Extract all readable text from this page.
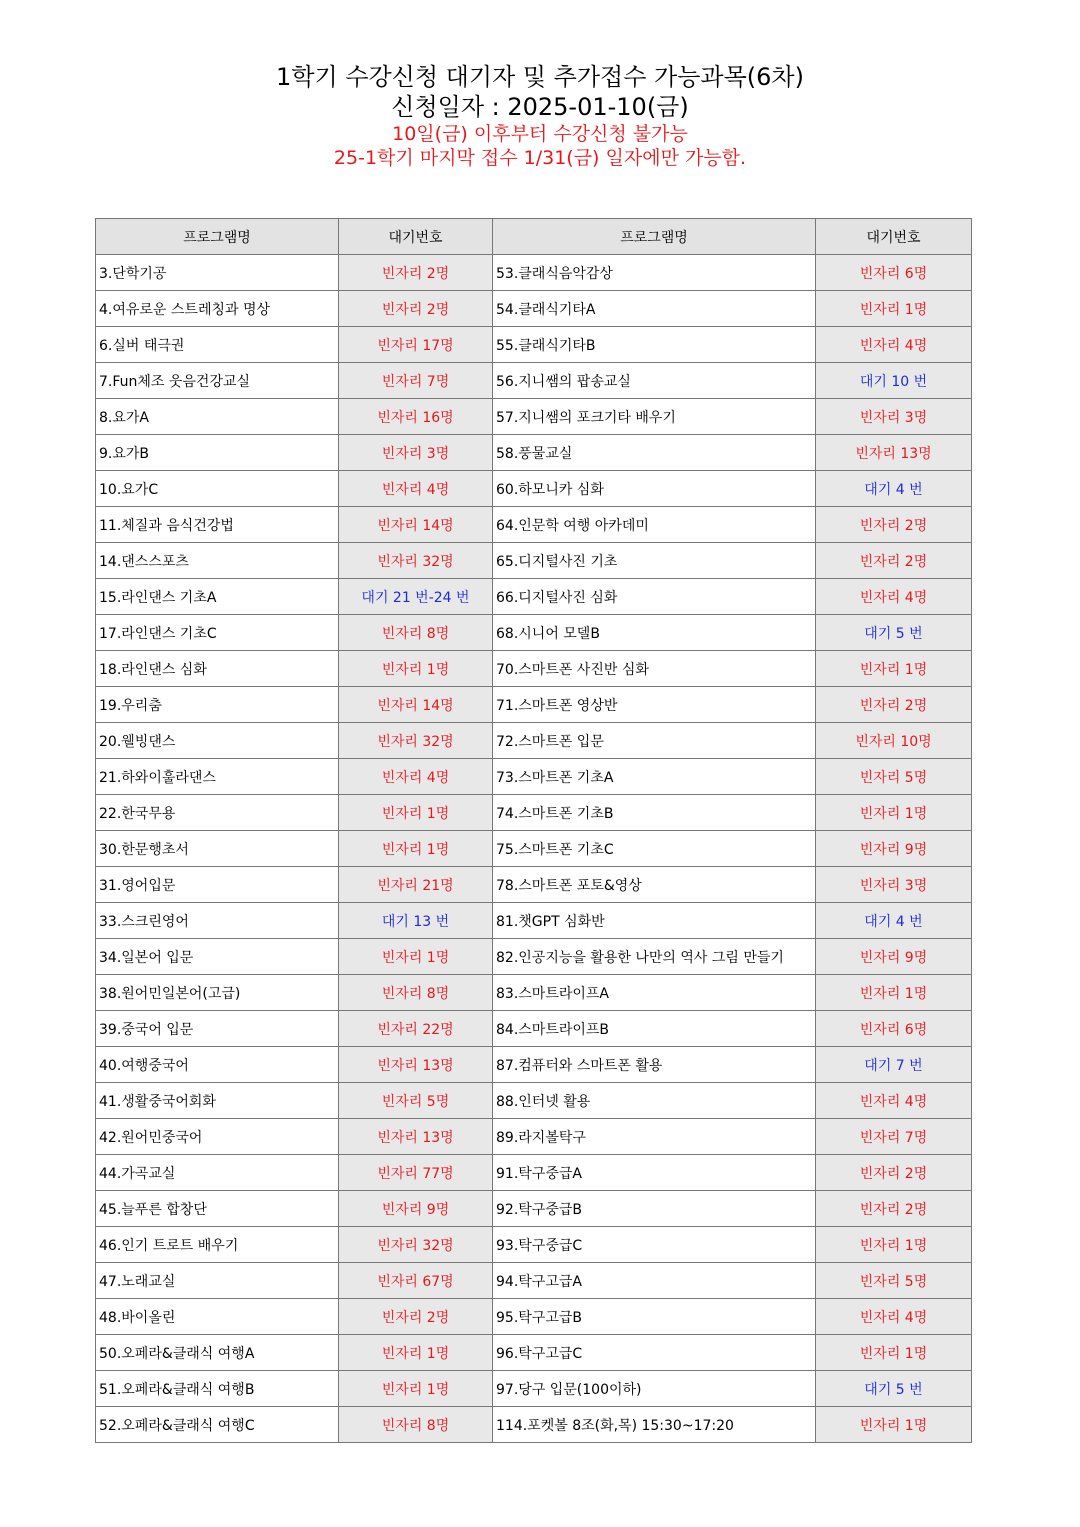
1학기 수강신청 대기자 및 추가접수 가능과목(6차)

신청일자 : 2025-01-10(금)

10일(금) 이후부터 수강신청 불가능

25-1학기 마지막 접수 1/31(금) 일자에만 가능함.

프로그램명	대기번호	프로그램명	대기번호
3.단학기공	빈자리 2명	53.클래식음악감상	빈자리 6명
4.여유로운 스트레칭과 명상	빈자리 2명	54.클래식기타A	빈자리 1명
6.실버 태극권	빈자리 17명	55.클래식기타B	빈자리 4명
7.Fun체조 웃음건강교실	빈자리 7명	56.지니쌤의 팝송교실	대기 10 번
8.요가A	빈자리 16명	57.지니쌤의 포크기타 배우기	빈자리 3명
9.요가B	빈자리 3명	58.풍물교실	빈자리 13명
10.요가C	빈자리 4명	60.하모니카 심화	대기 4 번
11.체질과 음식건강법	빈자리 14명	64.인문학 여행 아카데미	빈자리 2명
14.댄스스포츠	빈자리 32명	65.디지털사진 기초	빈자리 2명
15.라인댄스 기초A	대기 21 번-24 번	66.디지털사진 심화	빈자리 4명
17.라인댄스 기초C	빈자리 8명	68.시니어 모델B	대기 5 번
18.라인댄스 심화	빈자리 1명	70.스마트폰 사진반 심화	빈자리 1명
19.우리춤	빈자리 14명	71.스마트폰 영상반	빈자리 2명
20.웰빙댄스	빈자리 32명	72.스마트폰 입문	빈자리 10명
21.하와이훌라댄스	빈자리 4명	73.스마트폰 기초A	빈자리 5명
22.한국무용	빈자리 1명	74.스마트폰 기초B	빈자리 1명
30.한문행초서	빈자리 1명	75.스마트폰 기초C	빈자리 9명
31.영어입문	빈자리 21명	78.스마트폰 포토&영상	빈자리 3명
33.스크린영어	대기 13 번	81.챗GPT 심화반	대기 4 번
34.일본어 입문	빈자리 1명	82.인공지능을 활용한 나만의 역사 그림 만들기	빈자리 9명
38.원어민일본어(고급)	빈자리 8명	83.스마트라이프A	빈자리 1명
39.중국어 입문	빈자리 22명	84.스마트라이프B	빈자리 6명
40.여행중국어	빈자리 13명	87.컴퓨터와 스마트폰 활용	대기 7 번
41.생활중국어회화	빈자리 5명	88.인터넷 활용	빈자리 4명
42.원어민중국어	빈자리 13명	89.라지볼탁구	빈자리 7명
44.가곡교실	빈자리 77명	91.탁구중급A	빈자리 2명
45.늘푸른 합창단	빈자리 9명	92.탁구중급B	빈자리 2명
46.인기 트로트 배우기	빈자리 32명	93.탁구중급C	빈자리 1명
47.노래교실	빈자리 67명	94.탁구고급A	빈자리 5명
48.바이올린	빈자리 2명	95.탁구고급B	빈자리 4명
50.오페라&클래식 여행A	빈자리 1명	96.탁구고급C	빈자리 1명
51.오페라&클래식 여행B	빈자리 1명	97.당구 입문(100이하)	대기 5 번
52.오페라&클래식 여행C	빈자리 8명	114.포켓볼 8조(화,목) 15:30~17:20	빈자리 1명
